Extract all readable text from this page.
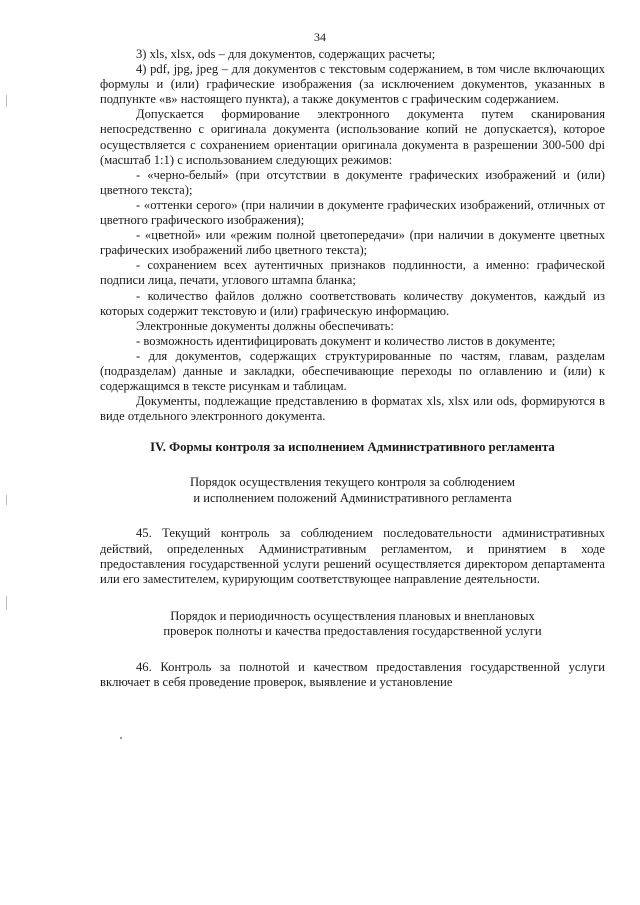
34

3) xls, xlsx, ods – для документов, содержащих расчеты;

4) pdf, jpg, jpeg – для документов с текстовым содержанием, в том числе включающих формулы и (или) графические изображения (за исключением документов, указанных в подпункте «в» настоящего пункта), а также документов с графическим содержанием.

Допускается формирование электронного документа путем сканирования непосредственно с оригинала документа (использование копий не допускается), которое осуществляется с сохранением ориентации оригинала документа в разрешении 300-500 dpi (масштаб 1:1) с использованием следующих режимов:

- «черно-белый» (при отсутствии в документе графических изображений и (или) цветного текста);

- «оттенки серого» (при наличии в документе графических изображений, отличных от цветного графического изображения);

- «цветной» или «режим полной цветопередачи» (при наличии в документе цветных графических изображений либо цветного текста);

- сохранением всех аутентичных признаков подлинности, а именно: графической подписи лица, печати, углового штампа бланка;

- количество файлов должно соответствовать количеству документов, каждый из которых содержит текстовую и (или) графическую информацию.

Электронные документы должны обеспечивать:

- возможность идентифицировать документ и количество листов в документе;

- для документов, содержащих структурированные по частям, главам, разделам (подразделам) данные и закладки, обеспечивающие переходы по оглавлению и (или) к содержащимся в тексте рисункам и таблицам.

Документы, подлежащие представлению в форматах xls, xlsx или ods, формируются в виде отдельного электронного документа.

IV. Формы контроля за исполнением Административного регламента

Порядок осуществления текущего контроля за соблюдением
и исполнением положений Административного регламента

45. Текущий контроль за соблюдением последовательности административных действий, определенных Административным регламентом, и принятием в ходе предоставления государственной услуги решений осуществляется директором департамента или его заместителем, курирующим соответствующее направление деятельности.

Порядок и периодичность осуществления плановых и внеплановых
проверок полноты и качества предоставления государственной услуги

46. Контроль за полнотой и качеством предоставления государственной услуги включает в себя проведение проверок, выявление и установление
